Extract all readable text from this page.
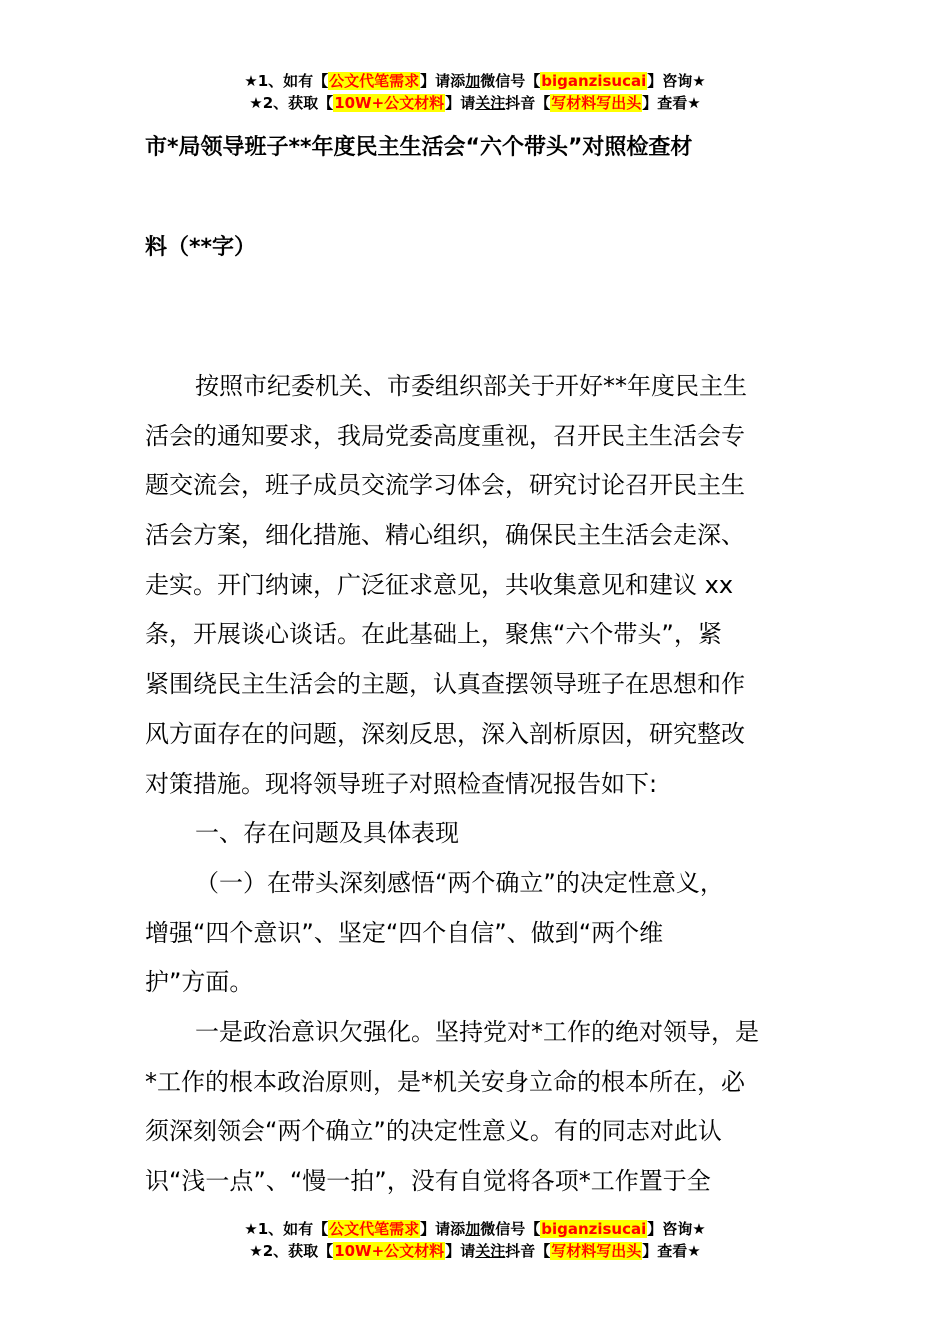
★1、如有【公文代笔需求】请添加微信号【biganzisucai】咨询★
★2、获取【10W+公文材料】请关注抖音【写材料写出头】查看★
市*局领导班子**年度民主生活会“六个带头”对照检查材
料（**字）
按照市纪委机关、市委组织部关于开好**年度民主生
活会的通知要求，我局党委高度重视，召开民主生活会专
题交流会，班子成员交流学习体会，研究讨论召开民主生
活会方案，细化措施、精心组织，确保民主生活会走深、
走实。开门纳谏，广泛征求意见，共收集意见和建议 xx
条，开展谈心谈话。在此基础上，聚焦“六个带头”，紧
紧围绕民主生活会的主题，认真查摆领导班子在思想和作
风方面存在的问题，深刻反思，深入剖析原因，研究整改
对策措施。现将领导班子对照检查情况报告如下:
一、存在问题及具体表现
（一）在带头深刻感悟“两个确立”的决定性意义，
增强“四个意识”、坚定“四个自信”、做到“两个维
护”方面。
一是政治意识欠强化。坚持党对*工作的绝对领导，是
*工作的根本政治原则，是*机关安身立命的根本所在，必
须深刻领会“两个确立”的决定性意义。有的同志对此认
识“浅一点”、“慢一拍”，没有自觉将各项*工作置于全
★1、如有【公文代笔需求】请添加微信号【biganzisucai】咨询★
★2、获取【10W+公文材料】请关注抖音【写材料写出头】查看★
